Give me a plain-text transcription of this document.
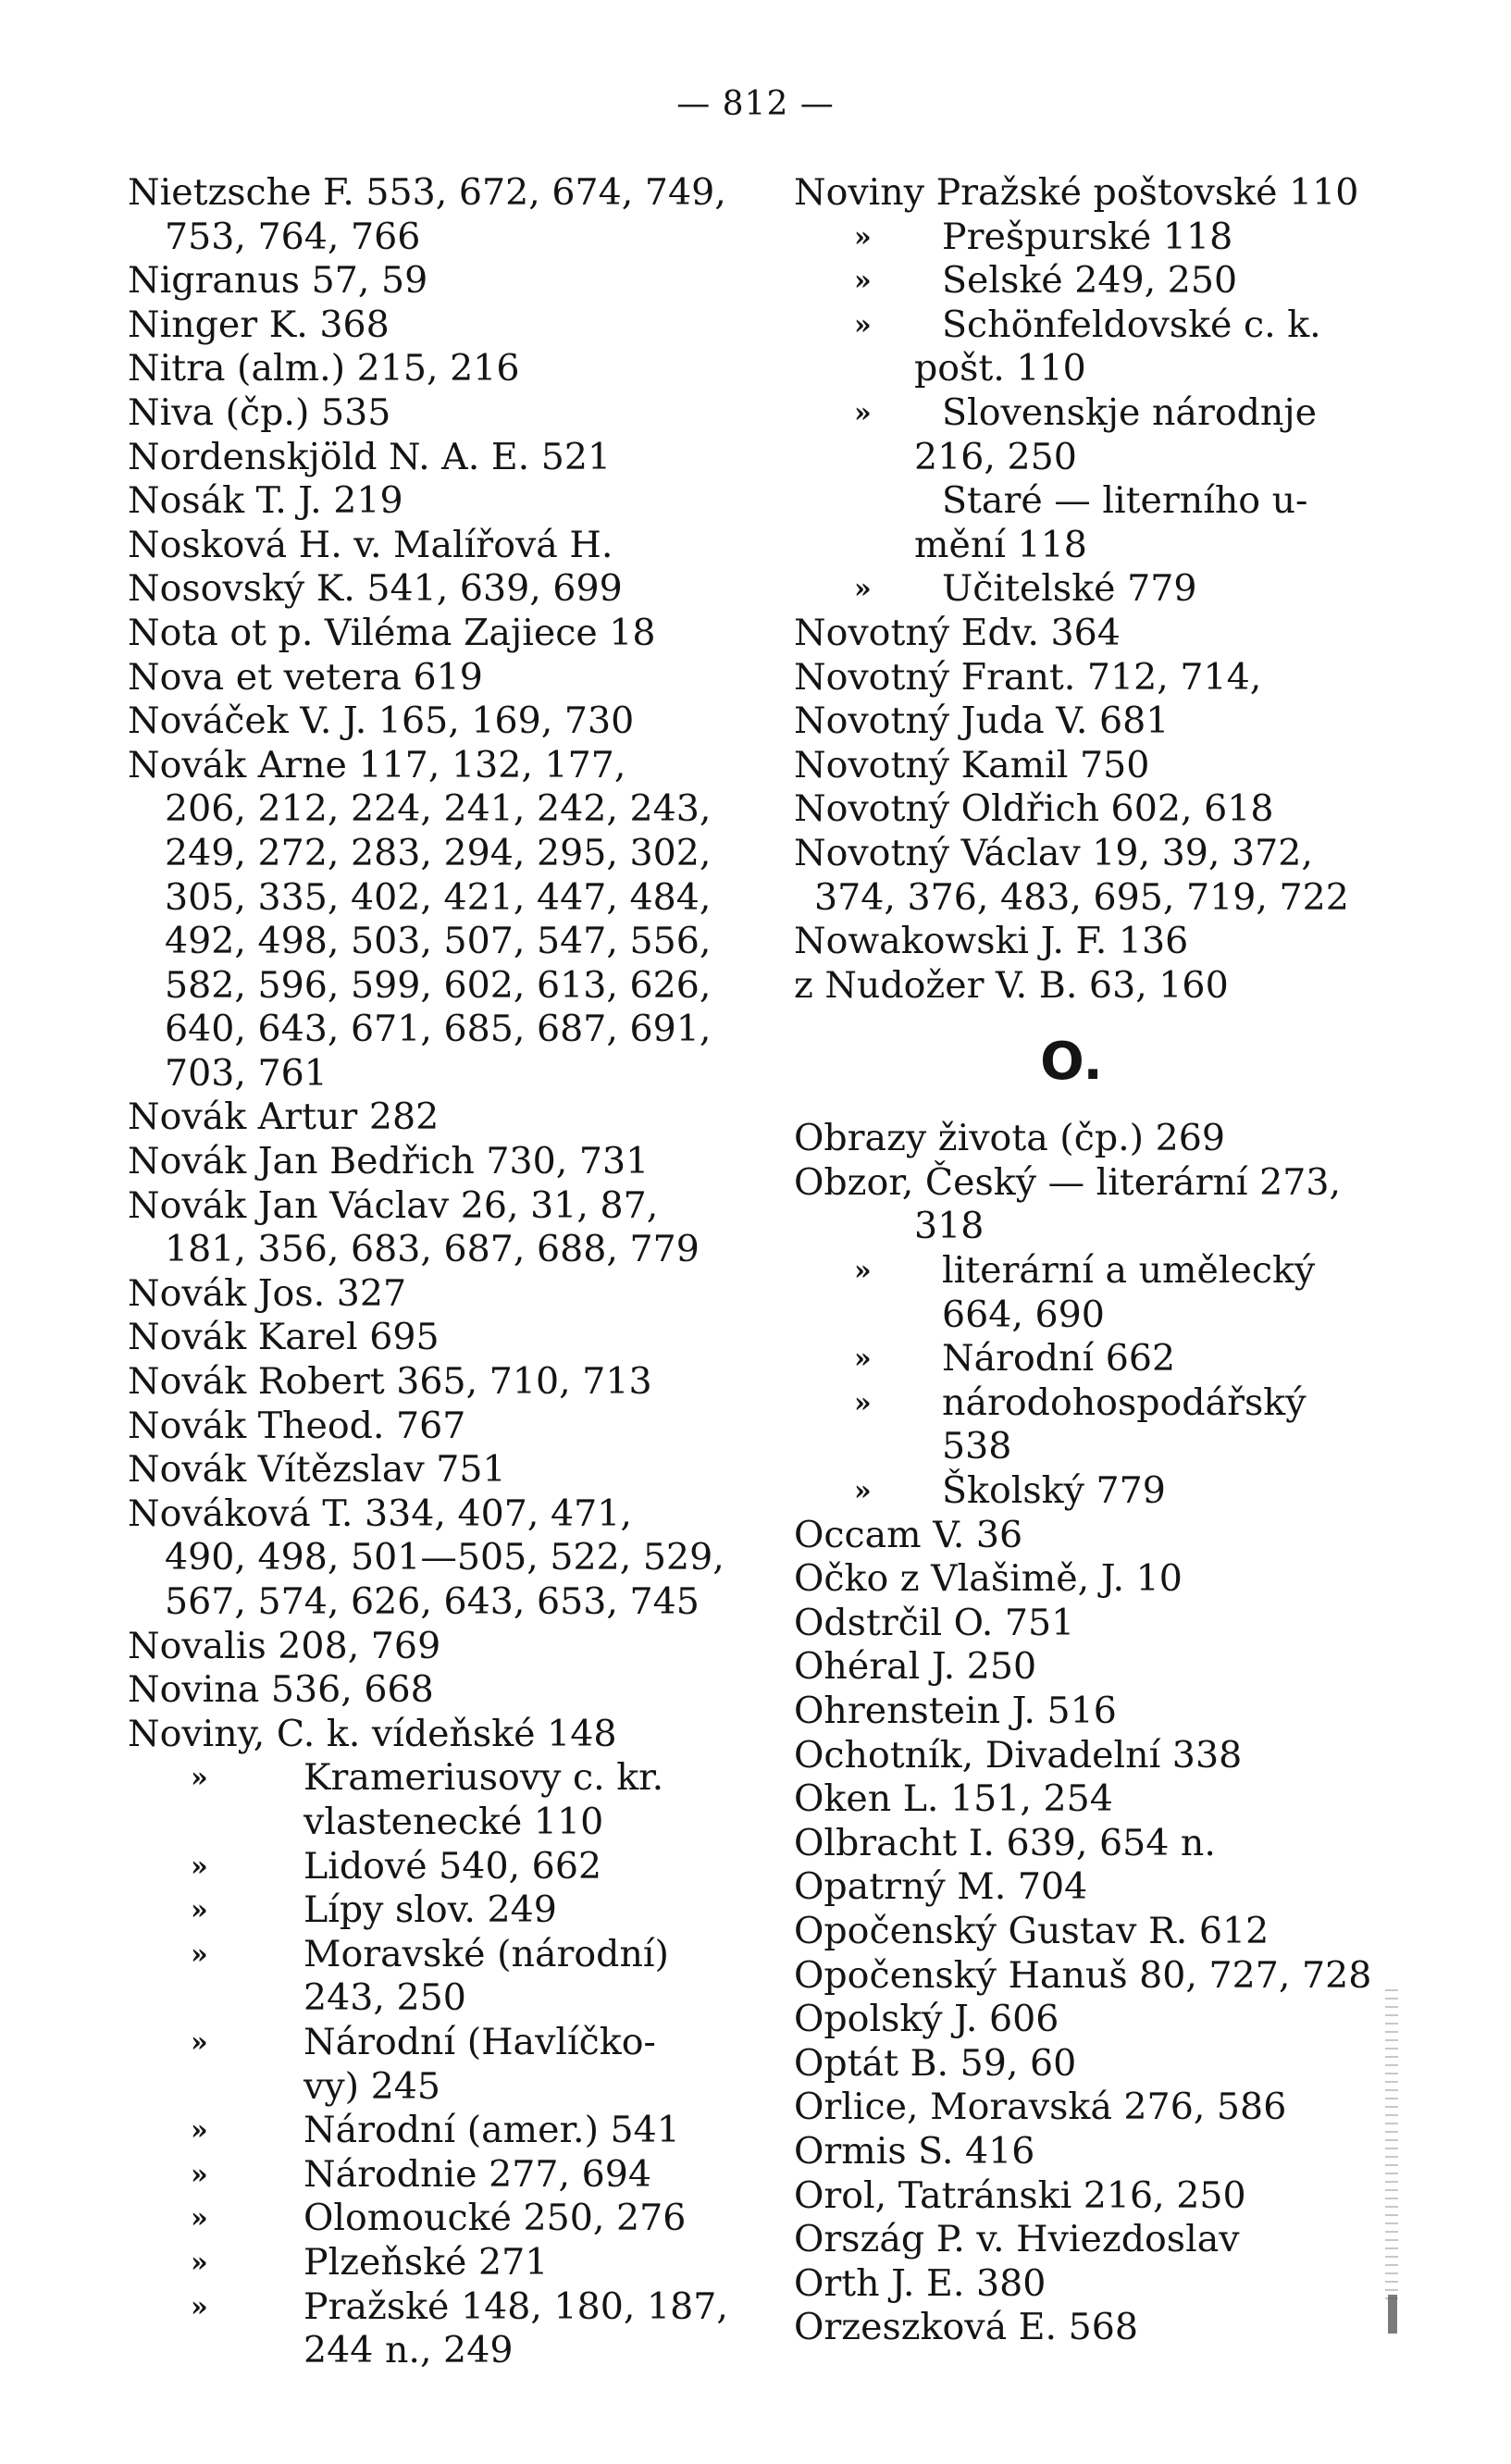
— 812 —
Nietzsche F. 553, 672, 674, 749,
753, 764, 766
Nigranus 57, 59
Ninger K. 368
Nitra (alm.) 215, 216
Niva (čp.) 535
Nordenskjöld N. A. E. 521
Nosák T. J. 219
Nosková H. v. Malířová H.
Nosovský K. 541, 639, 699
Nota ot p. Viléma Zajiece 18
Nova et vetera 619
Nováček V. J. 165, 169, 730
Novák Arne 117, 132, 177,
206, 212, 224, 241, 242, 243,
249, 272, 283, 294, 295, 302,
305, 335, 402, 421, 447, 484,
492, 498, 503, 507, 547, 556,
582, 596, 599, 602, 613, 626,
640, 643, 671, 685, 687, 691,
703, 761
Novák Artur 282
Novák Jan Bedřich 730, 731
Novák Jan Václav 26, 31, 87,
181, 356, 683, 687, 688, 779
Novák Jos. 327
Novák Karel 695
Novák Robert 365, 710, 713
Novák Theod. 767
Novák Vítězslav 751
Nováková T. 334, 407, 471,
490, 498, 501—505, 522, 529,
567, 574, 626, 643, 653, 745
Novalis 208, 769
Novina 536, 668
Noviny, C. k. vídeňské 148
»	Krameriusovy c. kr.
vlastenecké 110
»	Lidové 540, 662
»	Lípy slov. 249
»	Moravské (národní)
243, 250
»	Národní (Havlíčko-
vy) 245
»	Národní (amer.) 541
»	Národnie 277, 694
»	Olomoucké 250, 276
»	Plzeňské 271
»	Pražské 148, 180, 187,
244 n., 249
Noviny Pražské poštovské 110
» Prešpurské 118
» Selské 249, 250
» Schönfeldovské c. k.
pošt. 110
» Slovenskje národnje
216, 250
Staré — literního u-
mění 118
» Učitelské 779
Novotný Edv. 364
Novotný Frant. 712, 714,
Novotný Juda V. 681
Novotný Kamil 750
Novotný Oldřich 602, 618
Novotný Václav 19, 39, 372,
374, 376, 483, 695, 719, 722
Nowakowski J. F. 136
z Nudožer V. B. 63, 160
O.
Obrazy života (čp.) 269
Obzor, Český — literární 273,
318
» literární a umělecký
664, 690
» Národní 662
» národohospodářský
538
» Školský 779
Occam V. 36
Očko z Vlašimě, J. 10
Odstrčil O. 751
Ohéral J. 250
Ohrenstein J. 516
Ochotník, Divadelní 338
Oken L. 151, 254
Olbracht I. 639, 654 n.
Opatrný M. 704
Opočenský Gustav R. 612
Opočenský Hanuš 80, 727, 728
Opolský J. 606
Optát B. 59, 60
Orlice, Moravská 276, 586
Ormis S. 416
Orol, Tatránski 216, 250
Ország P. v. Hviezdoslav
Orth J. E. 380
Orzeszková E. 568
